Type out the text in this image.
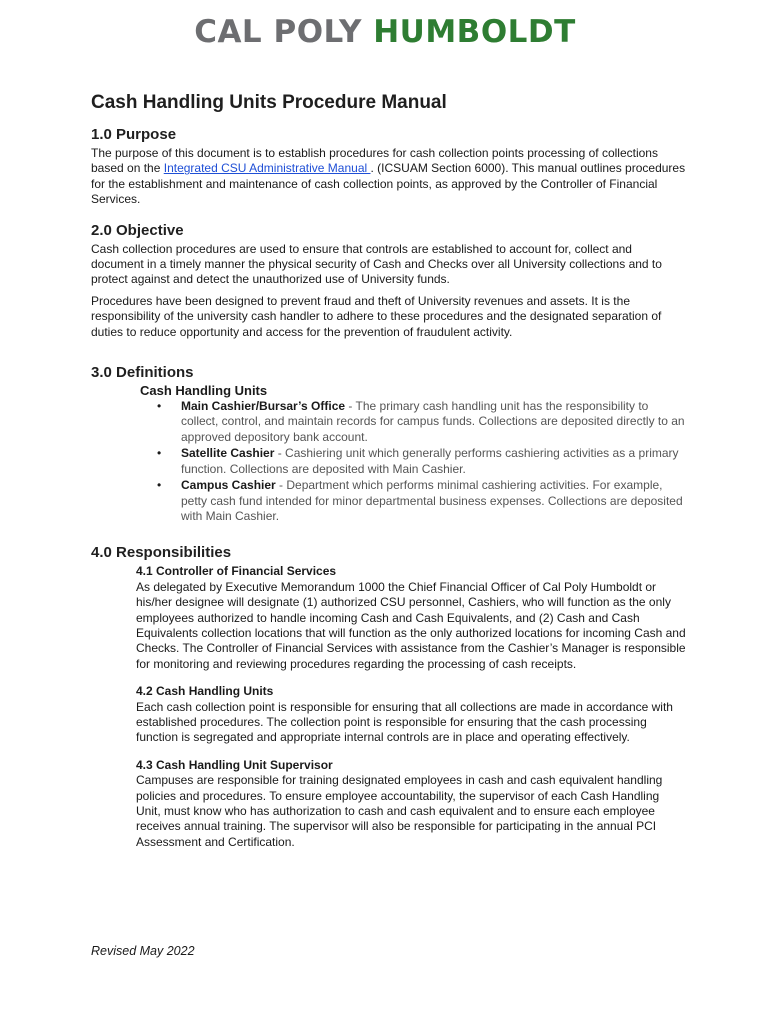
CAL POLY HUMBOLDT
Cash Handling Units Procedure Manual
1.0 Purpose

The purpose of this document is to establish procedures for cash collection points processing of collections based on the Integrated CSU Administrative Manual . (ICSUAM Section 6000). This manual outlines procedures for the establishment and maintenance of cash collection points, as approved by the Controller of Financial Services.

2.0 Objective

Cash collection procedures are used to ensure that controls are established to account for, collect and document in a timely manner the physical security of Cash and Checks over all University collections and to protect against and detect the unauthorized use of University funds.

Procedures have been designed to prevent fraud and theft of University revenues and assets. It is the responsibility of the university cash handler to adhere to these procedures and the designated separation of duties to reduce opportunity and access for the prevention of fraudulent activity.

3.0 Definitions
Cash Handling Units
• Main Cashier/Bursar’s Office - The primary cash handling unit has the responsibility to collect, control, and maintain records for campus funds. Collections are deposited directly to an approved depository bank account.
• Satellite Cashier - Cashiering unit which generally performs cashiering activities as a primary function. Collections are deposited with Main Cashier.
• Campus Cashier - Department which performs minimal cashiering activities. For example, petty cash fund intended for minor departmental business expenses. Collections are deposited with Main Cashier.
4.0 Responsibilities
4.1 Controller of Financial Services

As delegated by Executive Memorandum 1000 the Chief Financial Officer of Cal Poly Humboldt or his/her designee will designate (1) authorized CSU personnel, Cashiers, who will function as the only employees authorized to handle incoming Cash and Cash Equivalents, and (2) Cash and Cash Equivalents collection locations that will function as the only authorized locations for incoming Cash and Checks. The Controller of Financial Services with assistance from the Cashier’s Manager is responsible for monitoring and reviewing procedures regarding the processing of cash receipts.

4.2 Cash Handling Units

Each cash collection point is responsible for ensuring that all collections are made in accordance with established procedures. The collection point is responsible for ensuring that the cash processing function is segregated and appropriate internal controls are in place and operating effectively.

4.3 Cash Handling Unit Supervisor

Campuses are responsible for training designated employees in cash and cash equivalent handling policies and procedures. To ensure employee accountability, the supervisor of each Cash Handling Unit, must know who has authorization to cash and cash equivalent and to ensure each employee receives annual training. The supervisor will also be responsible for participating in the annual PCI Assessment and Certification.

Revised May 2022
